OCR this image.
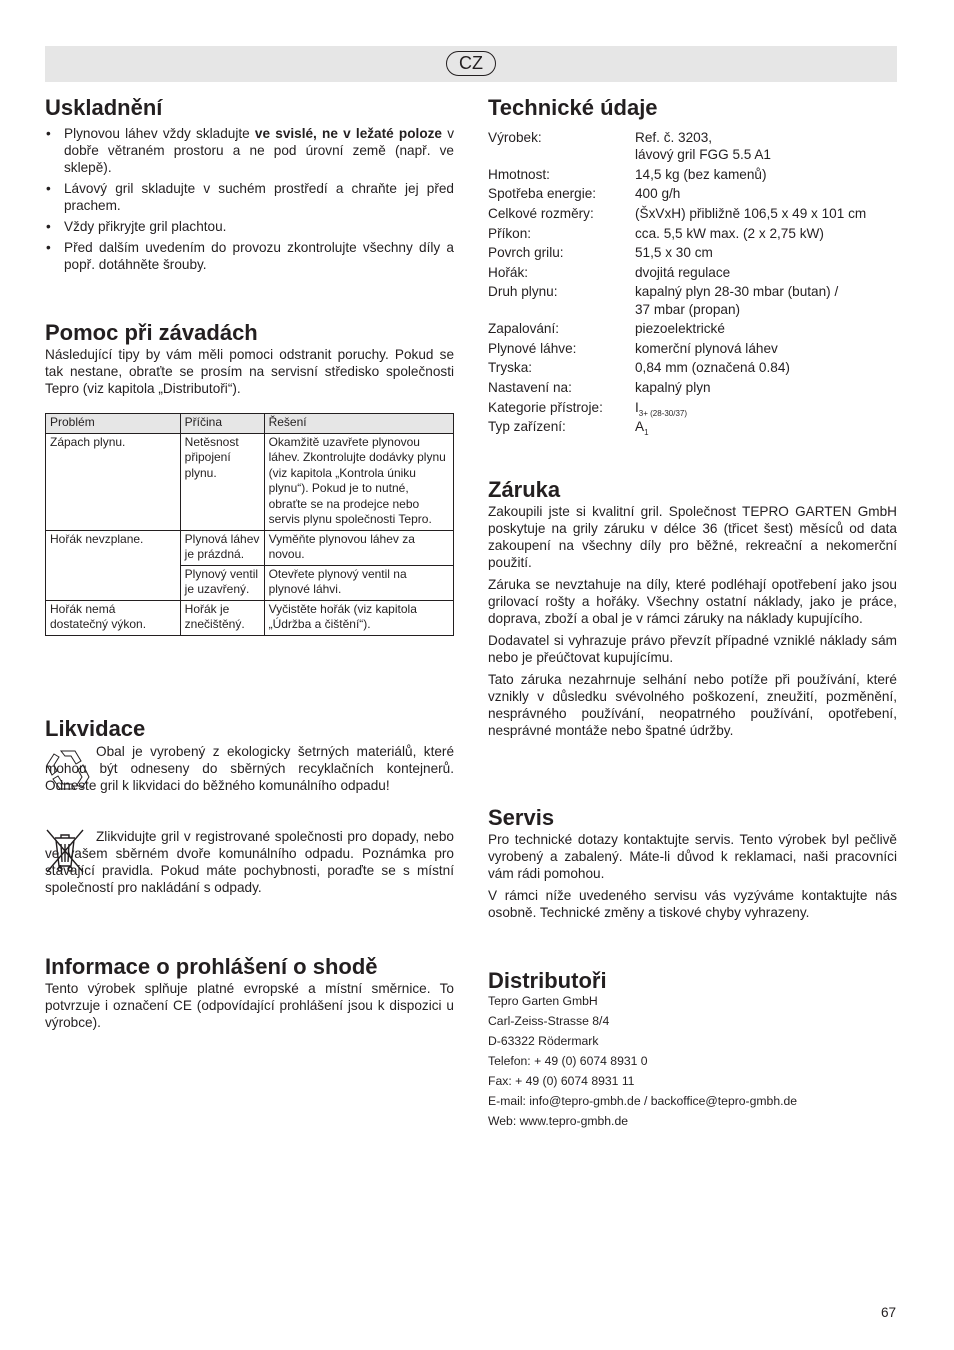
CZ
Uskladnění
• Plynovou láhev vždy skladujte ve svislé, ne v ležaté poloze v dobře větraném prostoru a ne pod úrovní země (např. ve sklepě).
• Lávový gril skladujte v suchém prostředí a chraňte jej před prachem.
• Vždy přikryjte gril plachtou.
• Před dalším uvedením do provozu zkontrolujte všechny díly a popř. dotáhněte šrouby.
Pomoc při závadách

Následující tipy by vám měli pomoci odstranit poruchy. Pokud se tak nestane, obraťte se prosím na servisní středisko společnosti Tepro (viz kapitola „Distributoři“).

Problém	Příčina	Řešení
Zápach plynu.	Netěsnost připojení plynu.	Okamžitě uzavřete plynovou láhev. Zkontrolujte dodávky plynu (viz kapitola „Kontrola úniku plynu“). Pokud je to nutné, obraťte se na prodejce nebo servis plynu společnosti Tepro.
Hořák nevzplane.	Plynová láhev je prázdná.	Vyměňte plynovou láhev za novou.
	Plynový ventil je uzavřený.	Otevřete plynový ventil na plynové láhvi.
Hořák nemá dostatečný výkon.	Hořák je znečištěný.	Vyčistěte hořák (viz kapitola „Údržba a čištění“).
Likvidace

Obal je vyrobený z ekologicky šetrných materiálů, které mohou být odneseny do sběrných recyklačních kontejnerů. Odneste gril k likvidaci do běžného komunálního odpadu!

Zlikvidujte gril v registrované společnosti pro dopady, nebo ve vašem sběrném dvoře komunálního odpadu. Poznámka pro stávající pravidla. Pokud máte pochybnosti, poraďte se s místní společností pro nakládání s odpady.

Informace o prohlášení o shodě

Tento výrobek splňuje platné evropské a místní směrnice. To potvrzuje i označení CE (odpovídající prohlášení jsou k dispozici u výrobce).

Technické údaje
Výrobek:	Ref. č. 3203,
lávový gril FGG 5.5 A1
Hmotnost:	14,5 kg (bez kamenů)
Spotřeba energie:	400 g/h
Celkové rozměry:	(ŠxVxH) přibližně 106,5 x 49 x 101 cm
Příkon:	cca. 5,5 kW max. (2 x 2,75 kW)
Povrch grilu:	51,5 x 30 cm
Hořák:	dvojitá regulace
Druh plynu:	kapalný plyn 28-30 mbar (butan) /
37 mbar (propan)
Zapalování:	piezoelektrické
Plynové láhve:	komerční plynová láhev
Tryska:	0,84 mm (označená 0.84)
Nastavení na:	kapalný plyn
Kategorie přístroje: $I_{3+ (28-30/37)}$
Typ zařízení:	$A_1$
Záruka

Zakoupili jste si kvalitní gril. Společnost TEPRO GARTEN GmbH poskytuje na grily záruku v délce 36 (třicet šest) měsíců od data zakoupení na všechny díly pro běžné, rekreační a nekomerční použití.

Záruka se nevztahuje na díly, které podléhají opotřebení jako jsou grilovací rošty a hořáky. Všechny ostatní náklady, jako je práce, doprava, zboží a obal je v rámci záruky na náklady kupujícího.

Dodavatel si vyhrazuje právo převzít případné vzniklé náklady sám nebo je přeúčtovat kupujícímu.

Tato záruka nezahrnuje selhání nebo potíže při používání, které vznikly v důsledku svévolného poškození, zneužití, pozměnění, nesprávného používání, neopatrného používání, opotřebení, nesprávné montáže nebo špatné údržby.

Servis

Pro technické dotazy kontaktujte servis. Tento výrobek byl pečlivě vyrobený a zabalený. Máte-li důvod k reklamaci, naši pracovníci vám rádi pomohou.

V rámci níže uvedeného servisu vás vyzýváme kontaktujte nás osobně. Technické změny a tiskové chyby vyhrazeny.

Distributoři
Tepro Garten GmbH
Carl-Zeiss-Strasse 8/4
D-63322 Rödermark
Telefon: + 49 (0) 6074 8931 0
Fax: + 49 (0) 6074 8931 11
E-mail: info@tepro-gmbh.de / backoffice@tepro-gmbh.de
Web: www.tepro-gmbh.de
67
